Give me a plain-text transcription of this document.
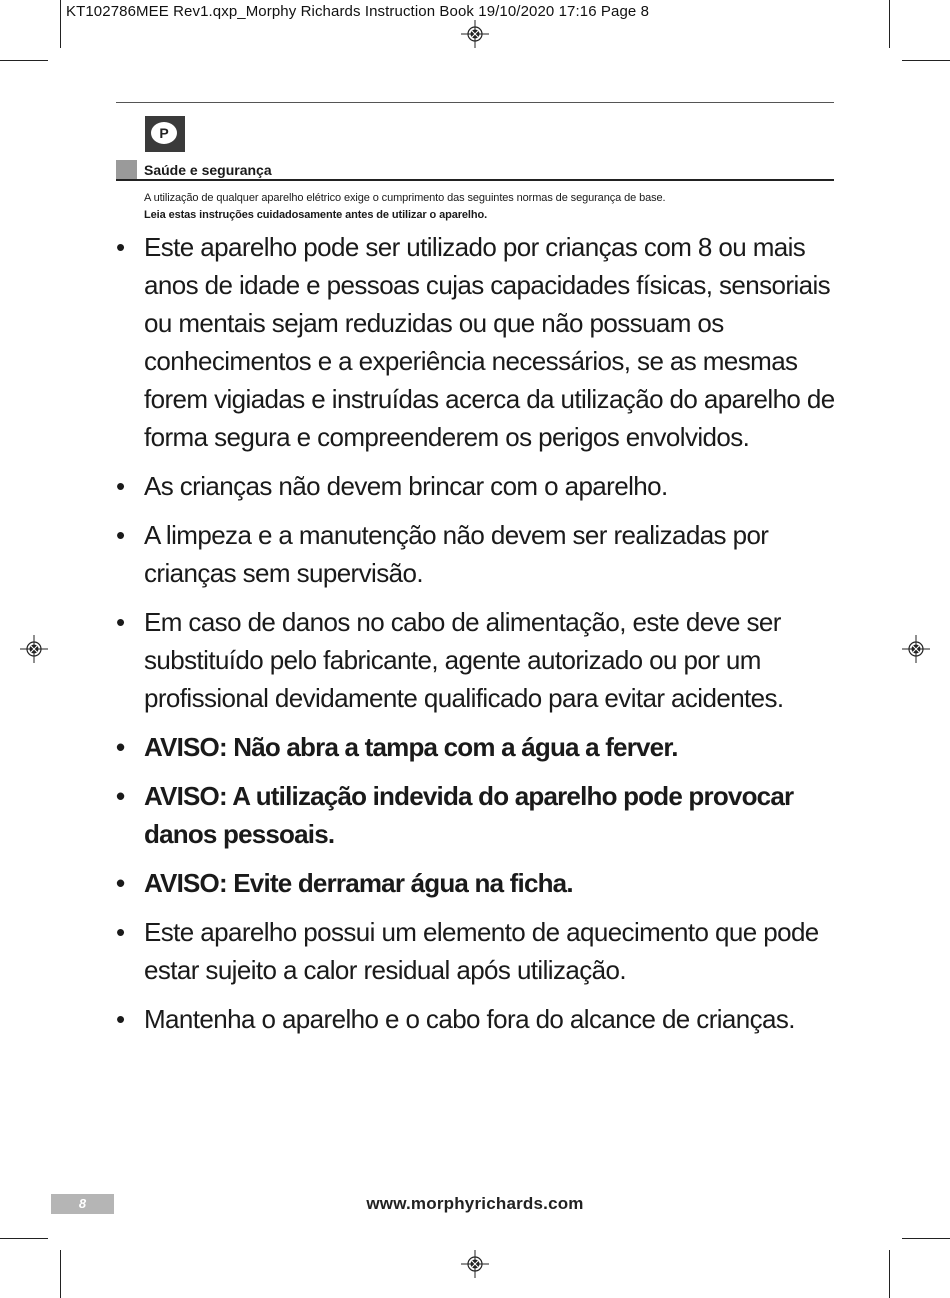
KT102786MEE Rev1.qxp_Morphy Richards Instruction Book 19/10/2020 17:16 Page 8
P
Saúde e segurança
A utilização de qualquer aparelho elétrico exige o cumprimento das seguintes normas de segurança de base.
Leia estas instruções cuidadosamente antes de utilizar o aparelho.
• Este aparelho pode ser utilizado por crianças com 8 ou mais anos de idade e pessoas cujas capacidades físicas, sensoriais ou mentais sejam reduzidas ou que não possuam os conhecimentos e a experiência necessários, se as mesmas forem vigiadas e instruídas acerca da utilização do aparelho de forma segura e compreenderem os perigos envolvidos.
• As crianças não devem brincar com o aparelho.
• A limpeza e a manutenção não devem ser realizadas por crianças sem supervisão.
• Em caso de danos no cabo de alimentação, este deve ser substituído pelo fabricante, agente autorizado ou por um profissional devidamente qualificado para evitar acidentes.
• AVISO: Não abra a tampa com a água a ferver.
• AVISO: A utilização indevida do aparelho pode provocar danos pessoais.
• AVISO: Evite derramar água na ficha.
• Este aparelho possui um elemento de aquecimento que pode estar sujeito a calor residual após utilização.
• Mantenha o aparelho e o cabo fora do alcance de crianças.
8	www.morphyrichards.com
